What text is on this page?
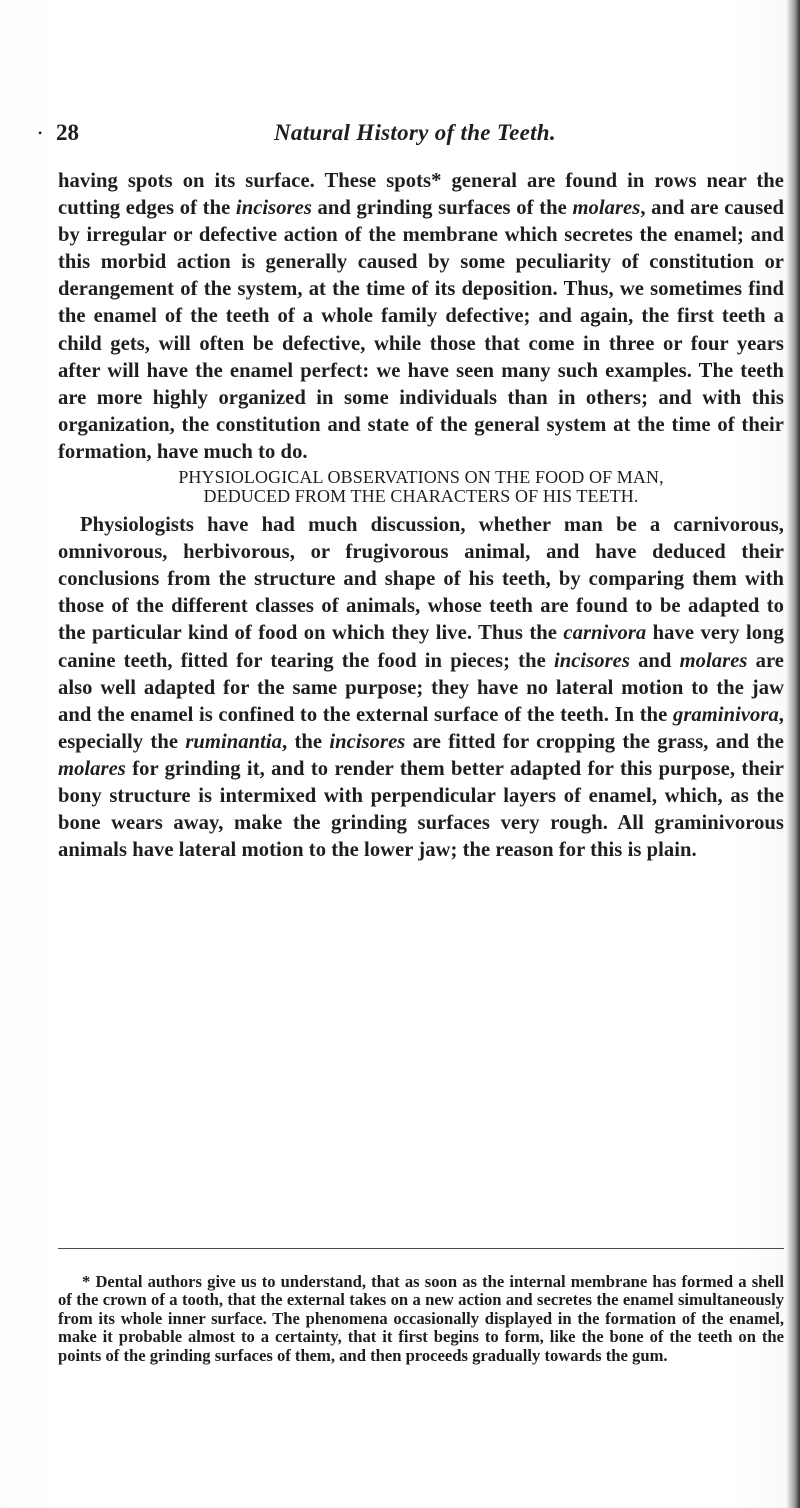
• 28	Natural History of the Teeth.

having spots on its surface. These spots* general are found in rows near the cutting edges of the incisores and grinding surfaces of the molares, and are caused by irregular or defective action of the membrane which secretes the enamel; and this morbid action is generally caused by some peculiarity of constitution or derangement of the system, at the time of its deposition. Thus, we sometimes find the enamel of the teeth of a whole family defective; and again, the first teeth a child gets, will often be defective, while those that come in three or four years after will have the enamel perfect: we have seen many such examples. The teeth are more highly organized in some individuals than in others; and with this organization, the constitution and state of the general system at the time of their formation, have much to do.

PHYSIOLOGICAL OBSERVATIONS ON THE FOOD OF MAN,
DEDUCED FROM THE CHARACTERS OF HIS TEETH.

Physiologists have had much discussion, whether man be a carnivorous, omnivorous, herbivorous, or frugivorous animal, and have deduced their conclusions from the structure and shape of his teeth, by comparing them with those of the different classes of animals, whose teeth are found to be adapted to the particular kind of food on which they live. Thus the carnivora have very long canine teeth, fitted for tearing the food in pieces; the incisores and molares are also well adapted for the same purpose; they have no lateral motion to the jaw and the enamel is confined to the external surface of the teeth. In the graminivora, especially the ruminantia, the incisores are fitted for cropping the grass, and the molares for grinding it, and to render them better adapted for this purpose, their bony structure is intermixed with perpendicular layers of enamel, which, as the bone wears away, make the grinding surfaces very rough. All graminivorous animals have lateral motion to the lower jaw; the reason for this is plain.

* Dental authors give us to understand, that as soon as the internal membrane has formed a shell of the crown of a tooth, that the external takes on a new action and secretes the enamel simultaneously from its whole inner surface. The phenomena occasionally displayed in the formation of the enamel, make it probable almost to a certainty, that it first begins to form, like the bone of the teeth on the points of the grinding surfaces of them, and then proceeds gradually towards the gum.
